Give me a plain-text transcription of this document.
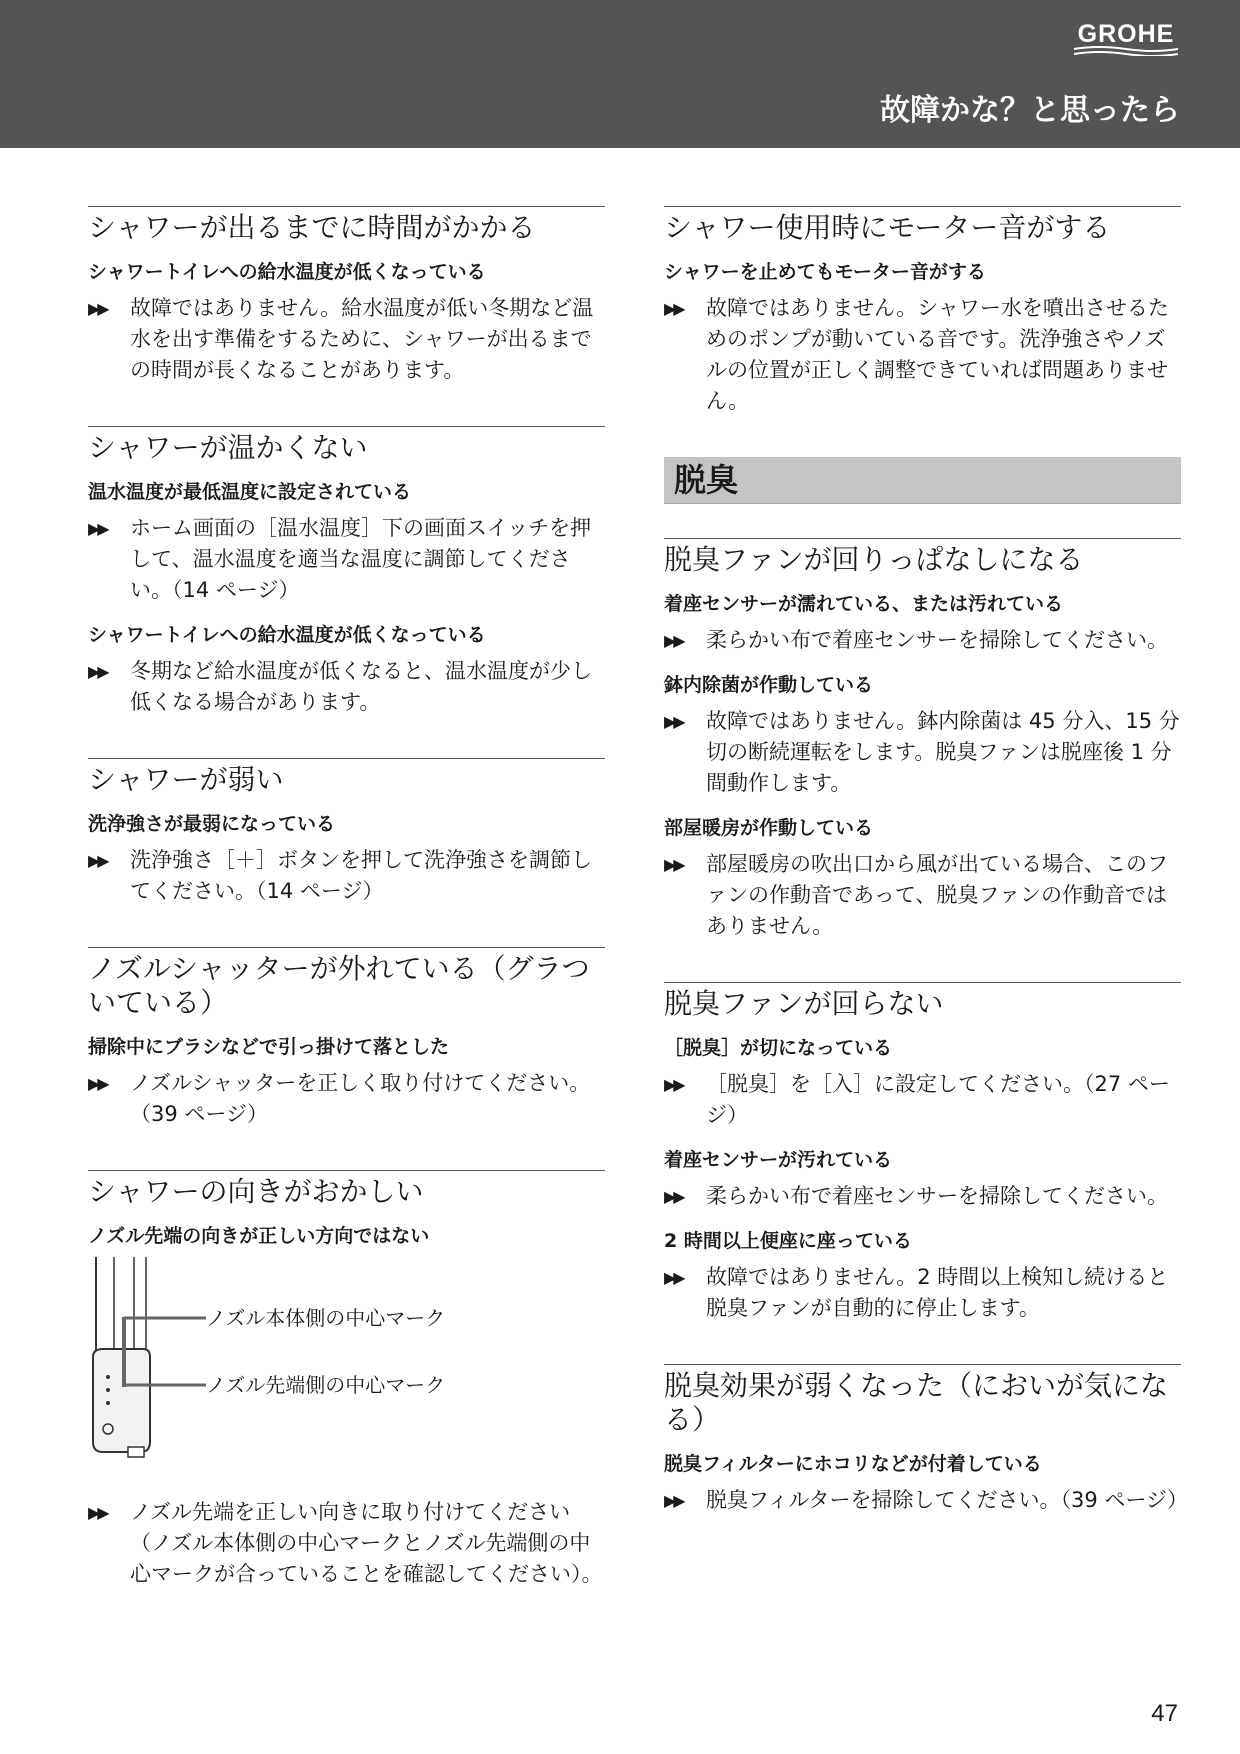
GROHE
故障かな？と思ったら
シャワーが出るまでに時間がかかる
シャワートイレへの給水温度が低くなっている
▶▶	故障ではありません。給水温度が低い冬期など温水を出す準備をするために、シャワーが出るまでの時間が長くなることがあります。
シャワーが温かくない
温水温度が最低温度に設定されている
▶▶	ホーム画面の［温水温度］下の画面スイッチを押して、温水温度を適当な温度に調節してください。（14 ページ）
シャワートイレへの給水温度が低くなっている
▶▶	冬期など給水温度が低くなると、温水温度が少し低くなる場合があります。
シャワーが弱い
洗浄強さが最弱になっている
▶▶	洗浄強さ［＋］ボタンを押して洗浄強さを調節してください。（14 ページ）
ノズルシャッターが外れている（グラついている）
掃除中にブラシなどで引っ掛けて落とした
▶▶	ノズルシャッターを正しく取り付けてください。（39 ページ）
シャワーの向きがおかしい
ノズル先端の向きが正しい方向ではない
ノズル本体側の中心マーク
ノズル先端側の中心マーク
▶▶	ノズル先端を正しい向きに取り付けてください（ノズル本体側の中心マークとノズル先端側の中心マークが合っていることを確認してください）。
シャワー使用時にモーター音がする
シャワーを止めてもモーター音がする
▶▶	故障ではありません。シャワー水を噴出させるためのポンプが動いている音です。洗浄強さやノズルの位置が正しく調整できていれば問題ありません。
脱臭
脱臭ファンが回りっぱなしになる
着座センサーが濡れている、または汚れている
▶▶	柔らかい布で着座センサーを掃除してください。
鉢内除菌が作動している
▶▶	故障ではありません。鉢内除菌は 45 分入、15 分切の断続運転をします。脱臭ファンは脱座後 1 分間動作します。
部屋暖房が作動している
▶▶	部屋暖房の吹出口から風が出ている場合、このファンの作動音であって、脱臭ファンの作動音ではありません。
脱臭ファンが回らない
［脱臭］が切になっている
▶▶	［脱臭］を［入］に設定してください。（27 ページ）
着座センサーが汚れている
▶▶	柔らかい布で着座センサーを掃除してください。
2 時間以上便座に座っている
▶▶	故障ではありません。2 時間以上検知し続けると脱臭ファンが自動的に停止します。
脱臭効果が弱くなった（においが気になる）
脱臭フィルターにホコリなどが付着している
▶▶	脱臭フィルターを掃除してください。（39 ページ）
47
